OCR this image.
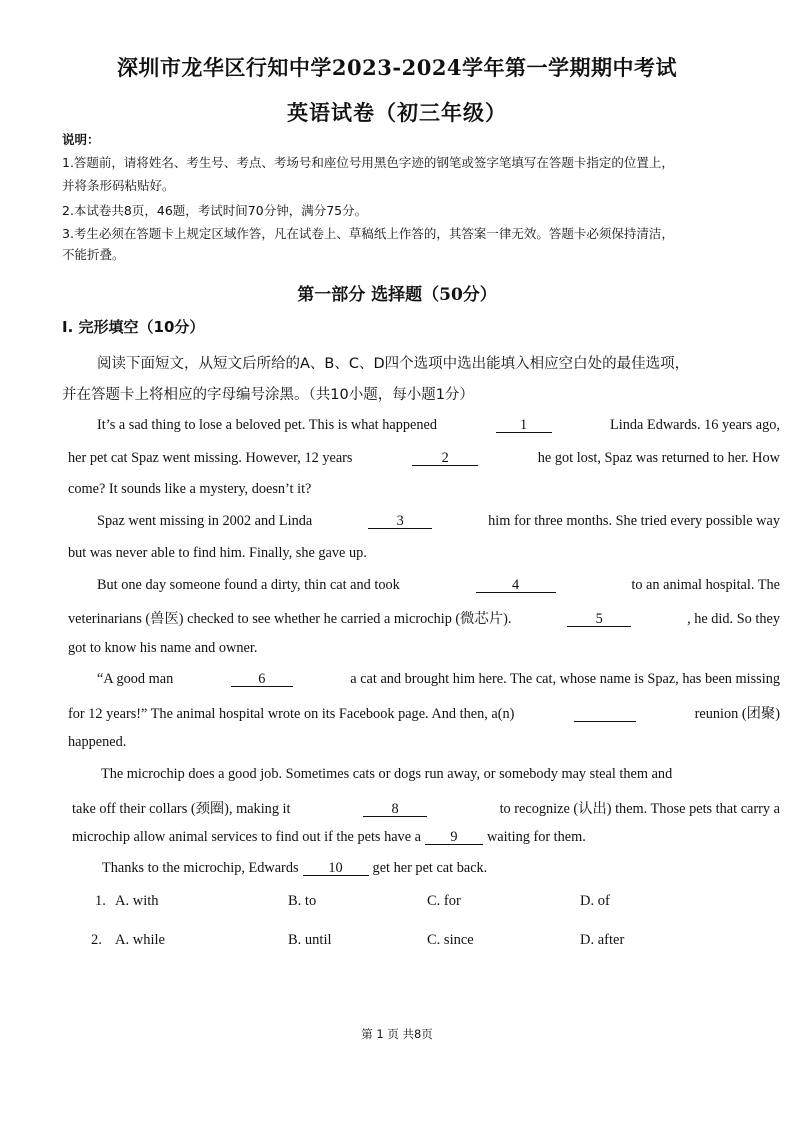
深圳市龙华区行知中学2023-2024学年第一学期期中考试
英语试卷（初三年级）
说明：
1.答题前，请将姓名、考生号、考点、考场号和座位号用黑色字迹的钢笔或签字笔填写在答题卡指定的位置上，
并将条形码粘贴好。
2.本试卷共8页，46题，考试时间70分钟，满分75分。
3.考生必须在答题卡上规定区域作答，凡在试卷上、草稿纸上作答的，其答案一律无效。答题卡必须保持清洁，
不能折叠。
第一部分 选择题（50分）
I. 完形填空（10分）
阅读下面短文，从短文后所给的A、B、C、D四个选项中选出能填入相应空白处的最佳选项，
并在答题卡上将相应的字母编号涂黑。（共10小题，每小题1分）
It’s a sad thing to lose a beloved pet. This is what happened	1	Linda Edwards. 16 years ago,
her pet cat Spaz went missing. However, 12 years	2	he got lost, Spaz was returned to her. How
come? It sounds like a mystery, doesn’t it?
Spaz went missing in 2002 and Linda	3	him for three months. She tried every possible way
but was never able to find him. Finally, she gave up.
But one day someone found a dirty, thin cat and took	4	to an animal hospital. The
veterinarians (兽医) checked to see whether he carried a microchip (微芯片).	5	, he did. So they
got to know his name and owner.
“A good man	6	a cat and brought him here. The cat, whose name is Spaz, has been missing
for 12 years!” The animal hospital wrote on its Facebook page. And then, a(n)	reunion (团聚)
happened.
The microchip does a good job. Sometimes cats or dogs run away, or somebody may steal them and
take off their collars (颈圈), making it	8	to recognize (认出) them. Those pets that carry a
microchip allow animal services to find out if the pets have a	9	waiting for them.
Thanks to the microchip, Edwards	10	get her pet cat back.
1. A. with	B. to	C. for	D. of
2. A. while	B. until	C. since	D. after
第 1 页 共8页
